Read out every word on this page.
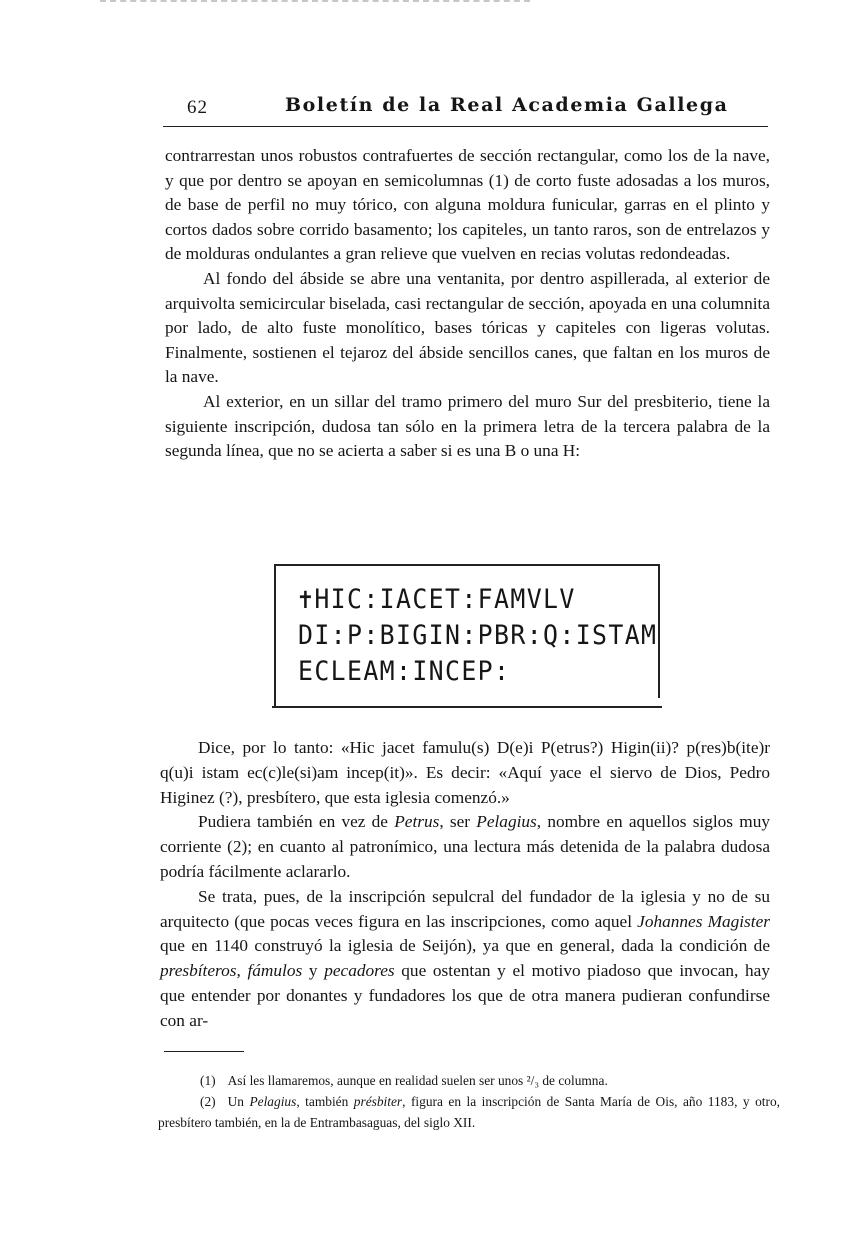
62	Boletín de la Real Academia Gallega

contrarrestan unos robustos contrafuertes de sección rectangular, como los de la nave, y que por dentro se apoyan en semicolumnas (1) de corto fuste adosadas a los muros, de base de perfil no muy tórico, con alguna moldura funicular, garras en el plinto y cortos dados sobre corrido basamento; los capiteles, un tanto raros, son de entrelazos y de molduras ondulantes a gran relieve que vuelven en recias volutas redondeadas.

Al fondo del ábside se abre una ventanita, por dentro aspillerada, al exterior de arquivolta semicircular biselada, casi rectangular de sección, apoyada en una columnita por lado, de alto fuste monolítico, bases tóricas y capiteles con ligeras volutas. Finalmente, sostienen el tejaroz del ábside sencillos canes, que faltan en los muros de la nave.

Al exterior, en un sillar del tramo primero del muro Sur del presbiterio, tiene la siguiente inscripción, dudosa tan sólo en la primera letra de la tercera palabra de la segunda línea, que no se acierta a saber si es una B o una H:

✝HIC:IACET:FAMVLV
DI:P:BIGIN:PBR:Q:ISTAM
ECLEAM:INCEP:

Dice, por lo tanto: «Hic jacet famulu(s) D(e)i P(etrus?) Higin(ii)? p(res)b(ite)r q(u)i istam ec(c)le(si)am incep(it)». Es decir: «Aquí yace el siervo de Dios, Pedro Higinez (?), presbítero, que esta iglesia comenzó.»

Pudiera también en vez de Petrus, ser Pelagius, nombre en aquellos siglos muy corriente (2); en cuanto al patronímico, una lectura más detenida de la palabra dudosa podría fácilmente aclararlo.

Se trata, pues, de la inscripción sepulcral del fundador de la iglesia y no de su arquitecto (que pocas veces figura en las inscripciones, como aquel Johannes Magister que en 1140 construyó la iglesia de Seijón), ya que en general, dada la condición de presbíteros, fámulos y pecadores que ostentan y el motivo piadoso que invocan, hay que entender por donantes y fundadores los que de otra manera pudieran confundirse con ar-

(1) Así les llamaremos, aunque en realidad suelen ser unos ²/₃ de columna.

(2) Un Pelagius, también présbiter, figura en la inscripción de Santa María de Ois, año 1183, y otro, presbítero también, en la de Entrambasaguas, del siglo XII.
